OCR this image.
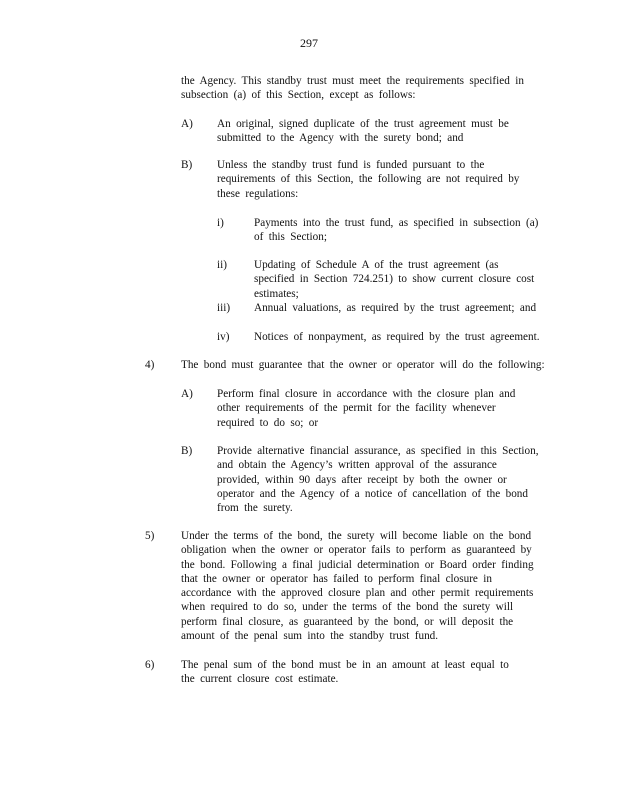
297

the Agency. This standby trust must meet the requirements specified in subsection (a) of this Section, except as follows:

A) An original, signed duplicate of the trust agreement must be submitted to the Agency with the surety bond; and
B) Unless the standby trust fund is funded pursuant to the requirements of this Section, the following are not required by these regulations:
i)	Payments into the trust fund, as specified in subsection (a) of this Section;
ii) Updating of Schedule A of the trust agreement (as specified in Section 724.251) to show current closure cost estimates;
iii) Annual valuations, as required by the trust agreement; and
iv) Notices of nonpayment, as required by the trust agreement.
4) The bond must guarantee that the owner or operator will do the following:
A) Perform final closure in accordance with the closure plan and other requirements of the permit for the facility whenever required to do so; or
B) Provide alternative financial assurance, as specified in this Section, and obtain the Agency’s written approval of the assurance provided, within 90 days after receipt by both the owner or operator and the Agency of a notice of cancellation of the bond from the surety.
5) Under the terms of the bond, the surety will become liable on the bond obligation when the owner or operator fails to perform as guaranteed by the bond. Following a final judicial determination or Board order finding that the owner or operator has failed to perform final closure in accordance with the approved closure plan and other permit requirements when required to do so, under the terms of the bond the surety will perform final closure, as guaranteed by the bond, or will deposit the amount of the penal sum into the standby trust fund.
6) The penal sum of the bond must be in an amount at least equal to the current closure cost estimate.
